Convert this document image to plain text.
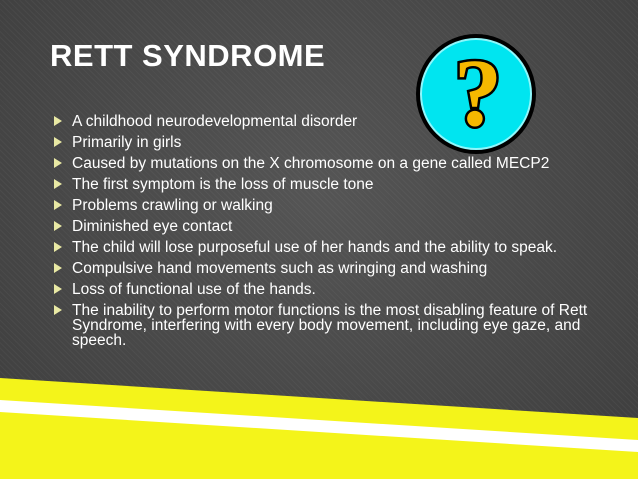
RETT SYNDROME ?
A childhood neurodevelopmental disorder
Primarily in girls
Caused by mutations on the X chromosome on a gene called MECP2
The first symptom is the loss of muscle tone
Problems crawling or walking
Diminished eye contact
The child will lose purposeful use of her hands and the ability to speak.
Compulsive hand movements such as wringing and washing
Loss of functional use of the hands.
The inability to perform motor functions is the most disabling feature of Rett Syndrome, interfering with every body movement, including eye gaze, and speech.
